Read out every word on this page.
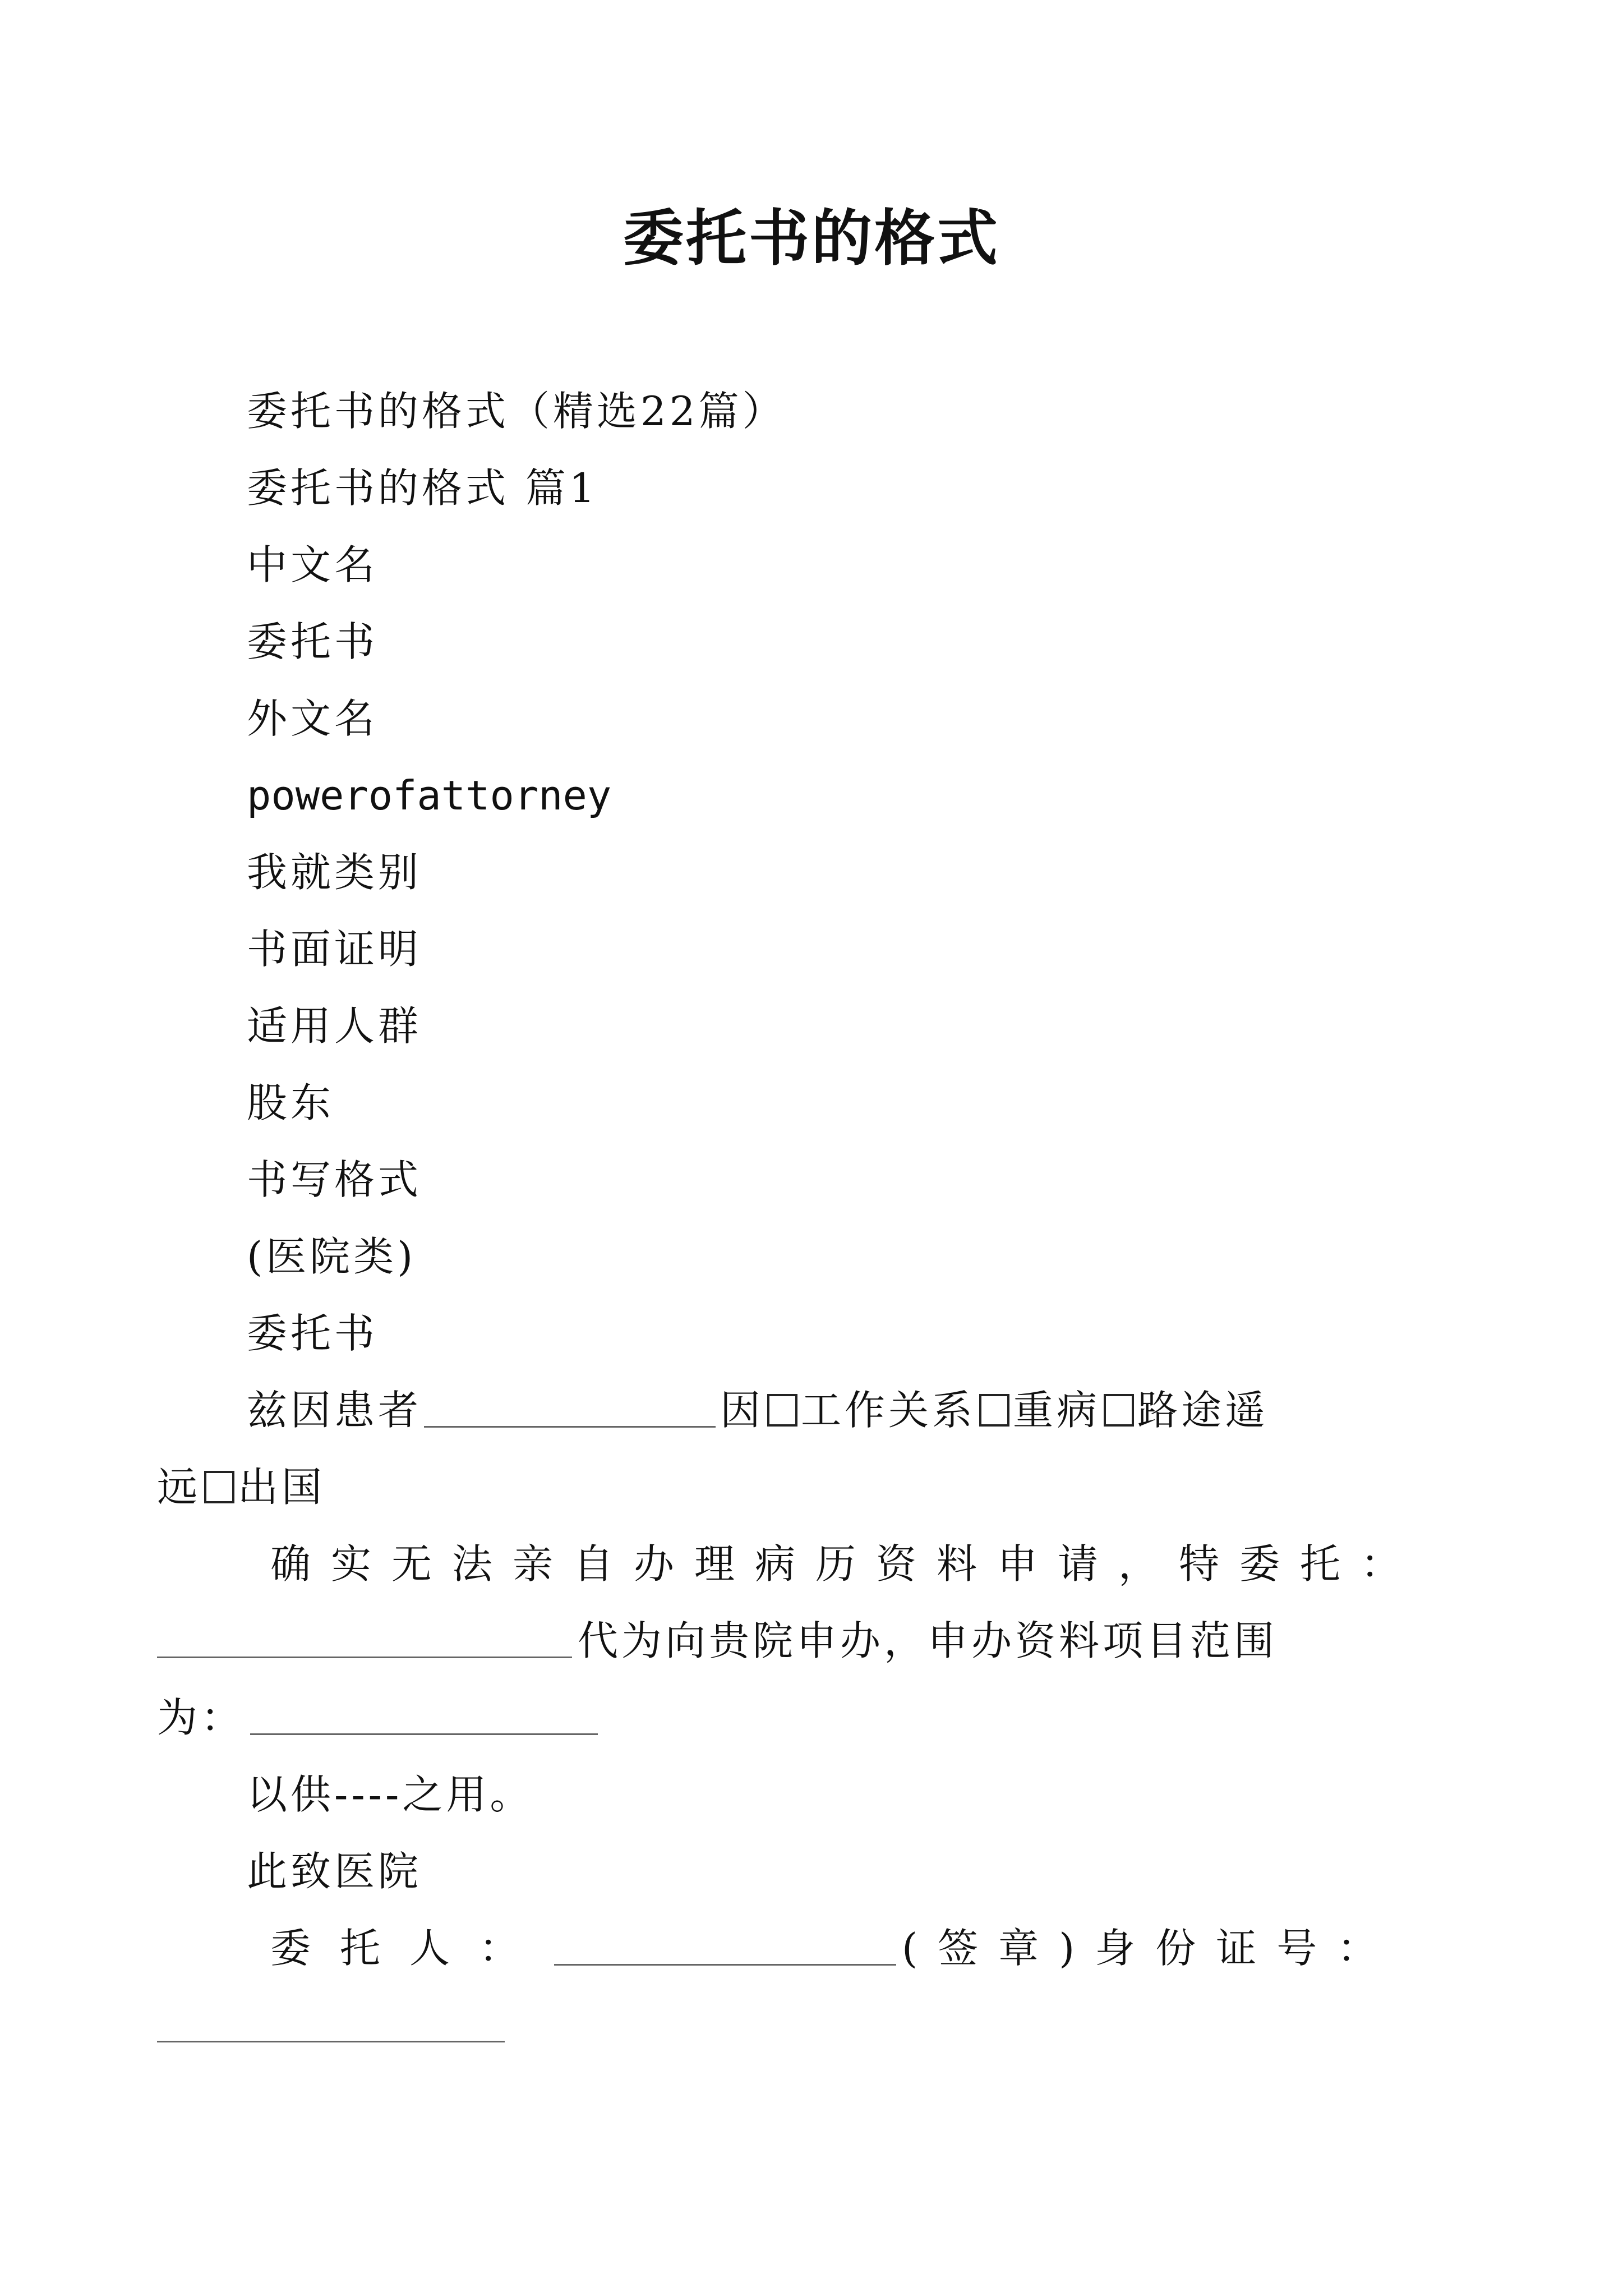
委托书的格式
委托书的格式（精选22篇）
委托书的格式 篇1
中文名
委托书
外文名
powerofattorney
我就类别
书面证明
适用人群
股东
书写格式
(医院类)
委托书
兹因患者	因 工作关系 重病 路途遥
远 出国
确实无法亲自办理病历资料申请，特委托：
代为向贵院申办，申办资料项目范围
为：
以供----之用。
此致医院
委托人：	(签章)身份证号：
